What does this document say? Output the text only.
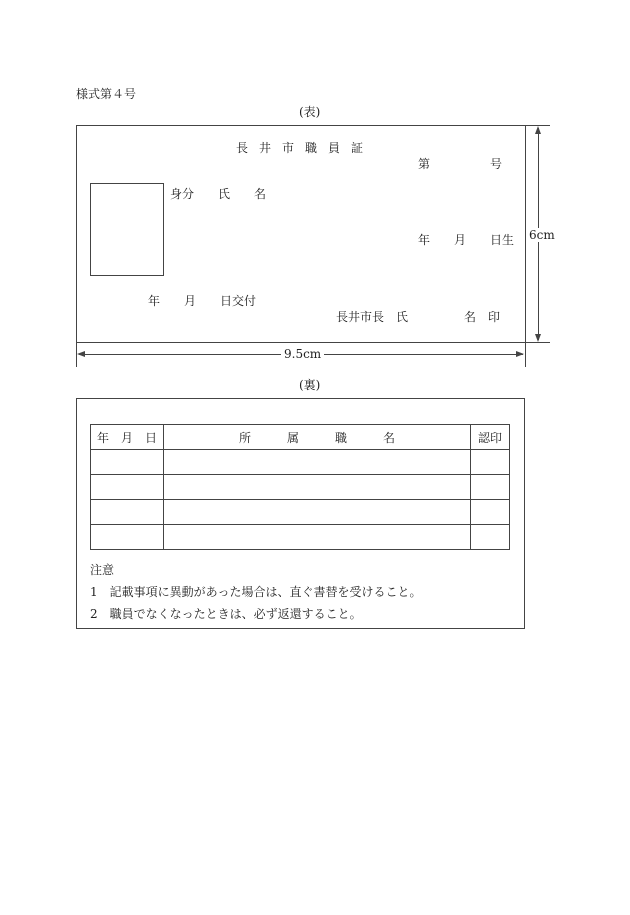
様式第４号
(表)
長井市職員証
第　　　　　号
身分　　氏　　名
年　　月　　日生
年　　月　　日交付
長井市長　氏	名　印
6cm
9.5cm
(裏)
年　月　日	所　　　属　　　職　　　名	認印

注意
1　記載事項に異動があった場合は、直ぐ書替を受けること。
2　職員でなくなったときは、必ず返還すること。
